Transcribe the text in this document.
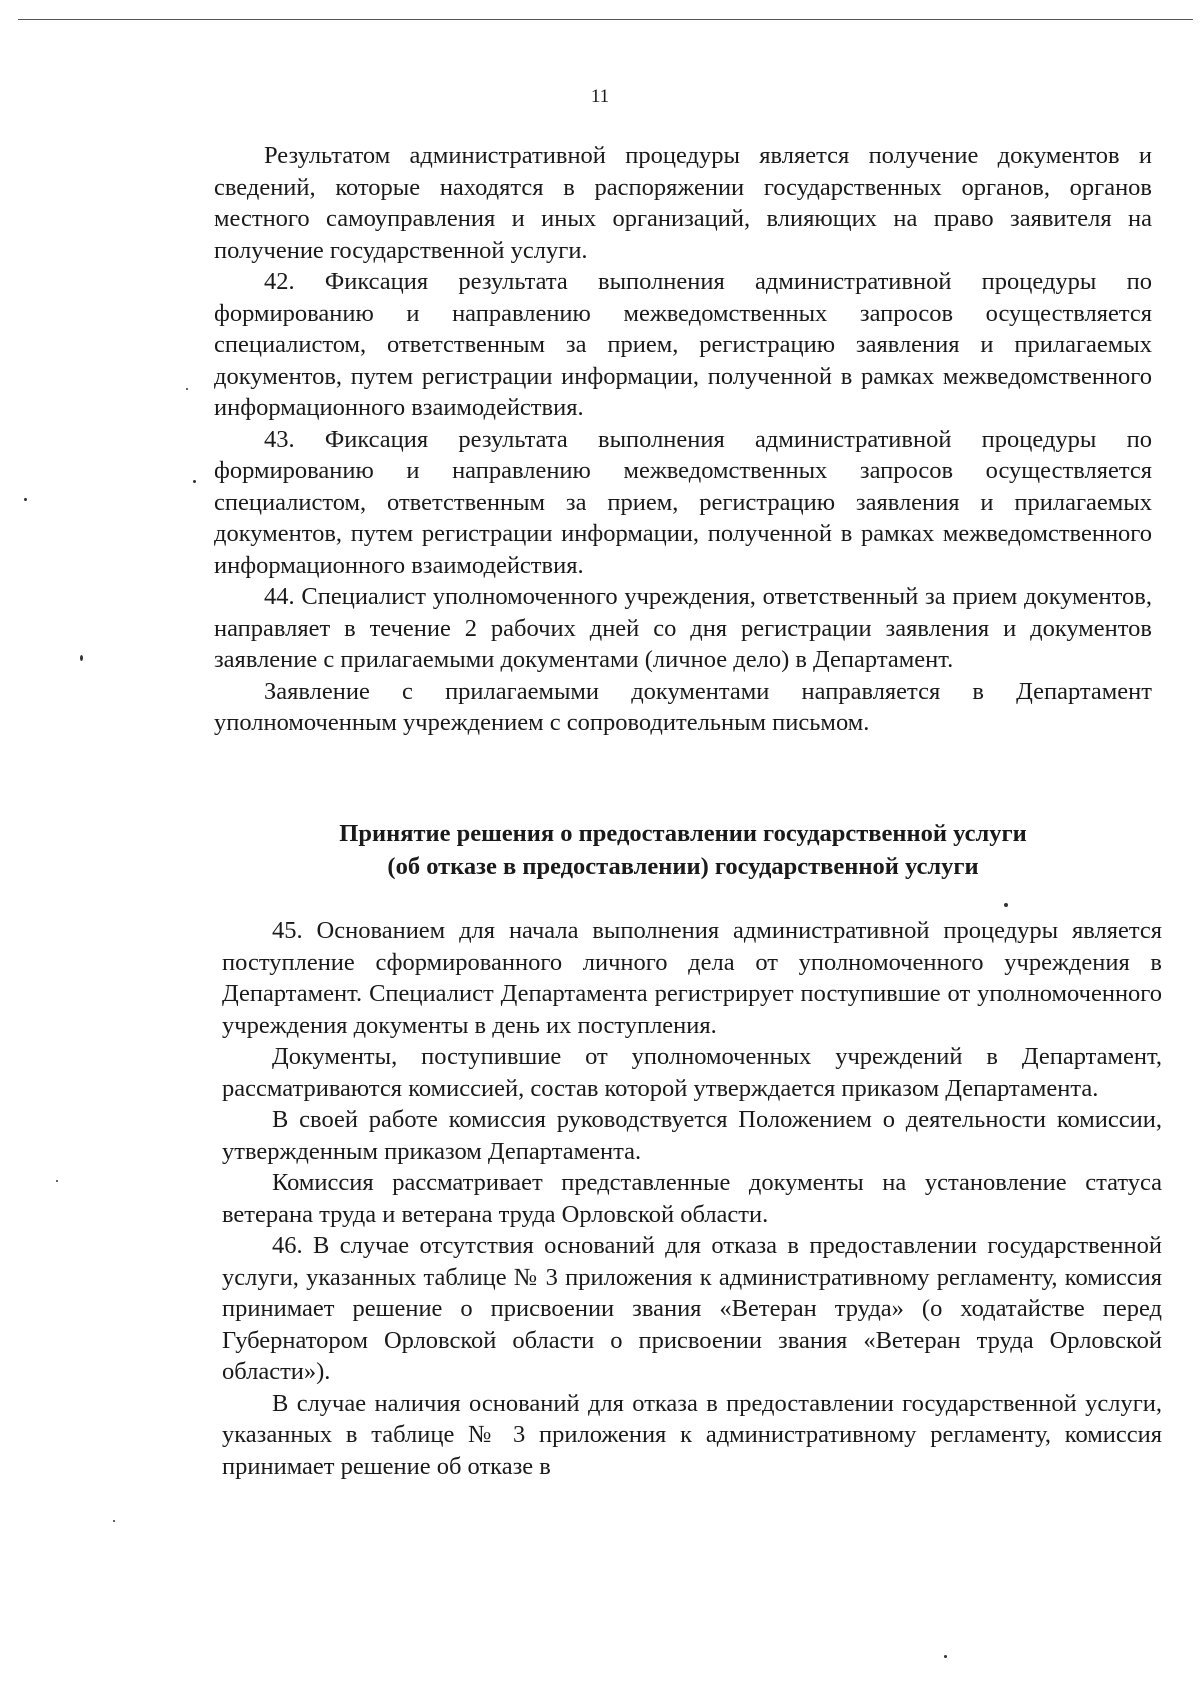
11

Результатом административной процедуры является получение документов и сведений, которые находятся в распоряжении государственных органов, органов местного самоуправления и иных организаций, влияющих на право заявителя на получение государственной услуги.

42. Фиксация результата выполнения административной процедуры по формированию и направлению межведомственных запросов осуществляется специалистом, ответственным за прием, регистрацию заявления и прилагаемых документов, путем регистрации информации, полученной в рамках межведомственного информационного взаимодействия.

43. Фиксация результата выполнения административной процедуры по формированию и направлению межведомственных запросов осуществляется специалистом, ответственным за прием, регистрацию заявления и прилагаемых документов, путем регистрации информации, полученной в рамках межведомственного информационного взаимодействия.

44. Специалист уполномоченного учреждения, ответственный за прием документов, направляет в течение 2 рабочих дней со дня регистрации заявления и документов заявление с прилагаемыми документами (личное дело) в Департамент.

Заявление с прилагаемыми документами направляется в Департамент уполномоченным учреждением с сопроводительным письмом.

Принятие решения о предоставлении государственной услуги
(об отказе в предоставлении) государственной услуги

45. Основанием для начала выполнения административной процедуры является поступление сформированного личного дела от уполномоченного учреждения в Департамент. Специалист Департамента регистрирует поступившие от уполномоченного учреждения документы в день их поступления.

Документы, поступившие от уполномоченных учреждений в Департамент, рассматриваются комиссией, состав которой утверждается приказом Департамента.

В своей работе комиссия руководствуется Положением о деятельности комиссии, утвержденным приказом Департамента.

Комиссия рассматривает представленные документы на установление статуса ветерана труда и ветерана труда Орловской области.

46. В случае отсутствия оснований для отказа в предоставлении государственной услуги, указанных таблице № 3 приложения к административному регламенту, комиссия принимает решение о присвоении звания «Ветеран труда» (о ходатайстве перед Губернатором Орловской области о присвоении звания «Ветеран труда Орловской области»).

В случае наличия оснований для отказа в предоставлении государственной услуги, указанных в таблице № 3 приложения к административному регламенту, комиссия принимает решение об отказе в
